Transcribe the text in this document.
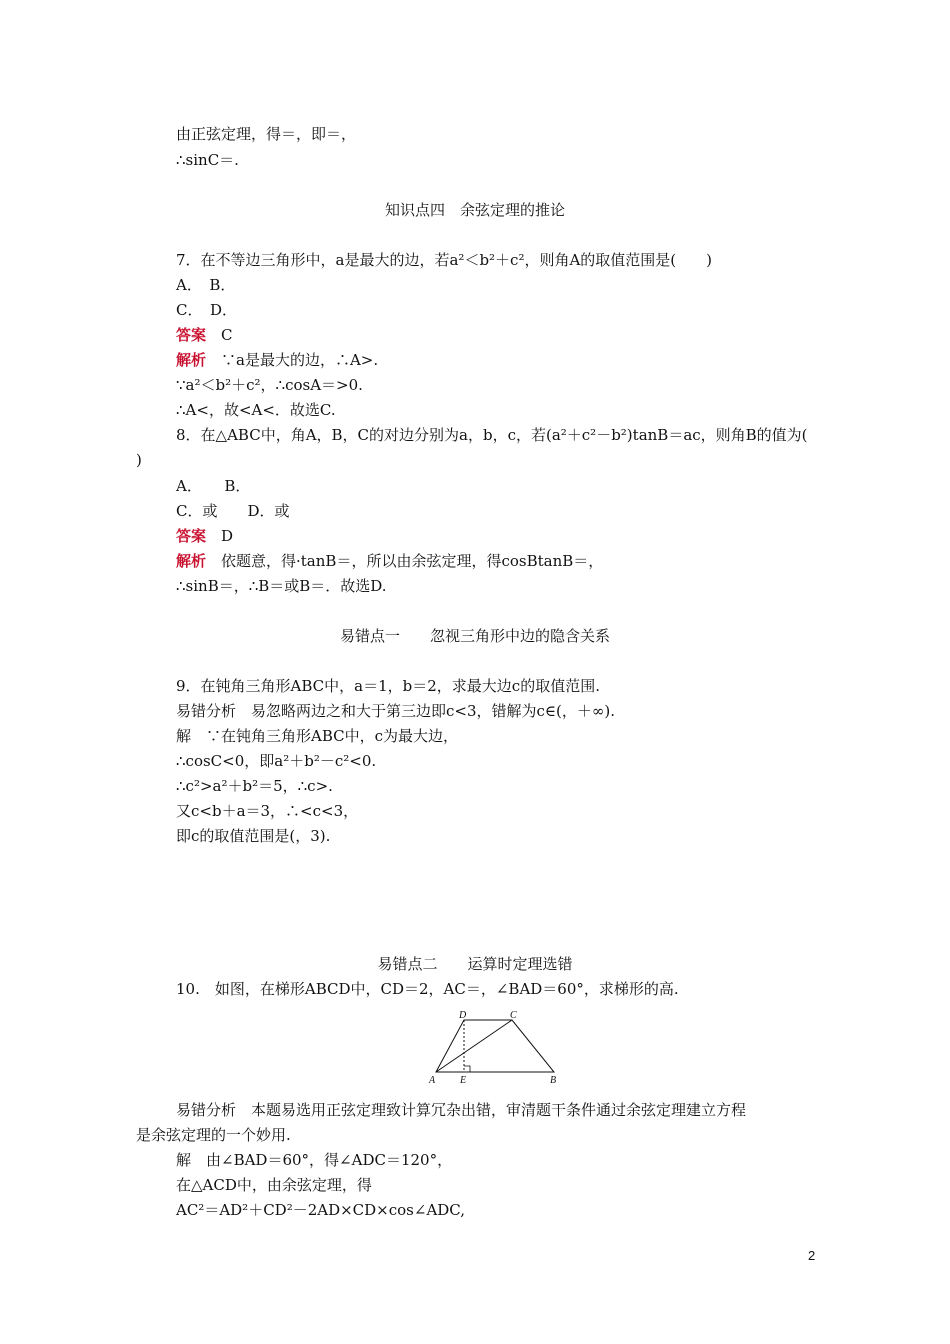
由正弦定理，得＝，即＝，
∴sinC＝.
知识点四　余弦定理的推论
7．在不等边三角形中，a是最大的边，若a²＜b²＋c²，则角A的取值范围是(　　)
A．　B．
C．　D．
答案　C
解析　∵a是最大的边，∴A>.
∵a²＜b²＋c²，∴cosA＝>0.
∴A<，故<A<．故选C.
8．在△ABC中，角A，B，C的对边分别为a，b，c，若(a²＋c²－b²)tanB＝ac，则角B的值为(
)
A．　　B．
C．或　　D．或
答案　D
解析　依题意，得·tanB＝，所以由余弦定理，得cosBtanB＝，
∴sinB＝，∴B＝或B＝．故选D.
易错点一　　忽视三角形中边的隐含关系
9．在钝角三角形ABC中，a＝1，b＝2，求最大边c的取值范围.
易错分析　易忽略两边之和大于第三边即c<3，错解为c∈(，＋∞).
解　∵在钝角三角形ABC中，c为最大边，
∴cosC<0，即a²＋b²－c²<0.
∴c²>a²＋b²＝5，∴c>.
又c<b＋a＝3，∴<c<3，
即c的取值范围是(，3).
易错点二　　运算时定理选错
10.　如图，在梯形ABCD中，CD＝2，AC＝，∠BAD＝60°，求梯形的高.
A E	B
D	C
易错分析　本题易选用正弦定理致计算冗杂出错，审清题干条件通过余弦定理建立方程
是余弦定理的一个妙用.
解　由∠BAD＝60°，得∠ADC＝120°，
在△ACD中，由余弦定理，得
AC²＝AD²＋CD²－2AD×CD×cos∠ADC,
2
